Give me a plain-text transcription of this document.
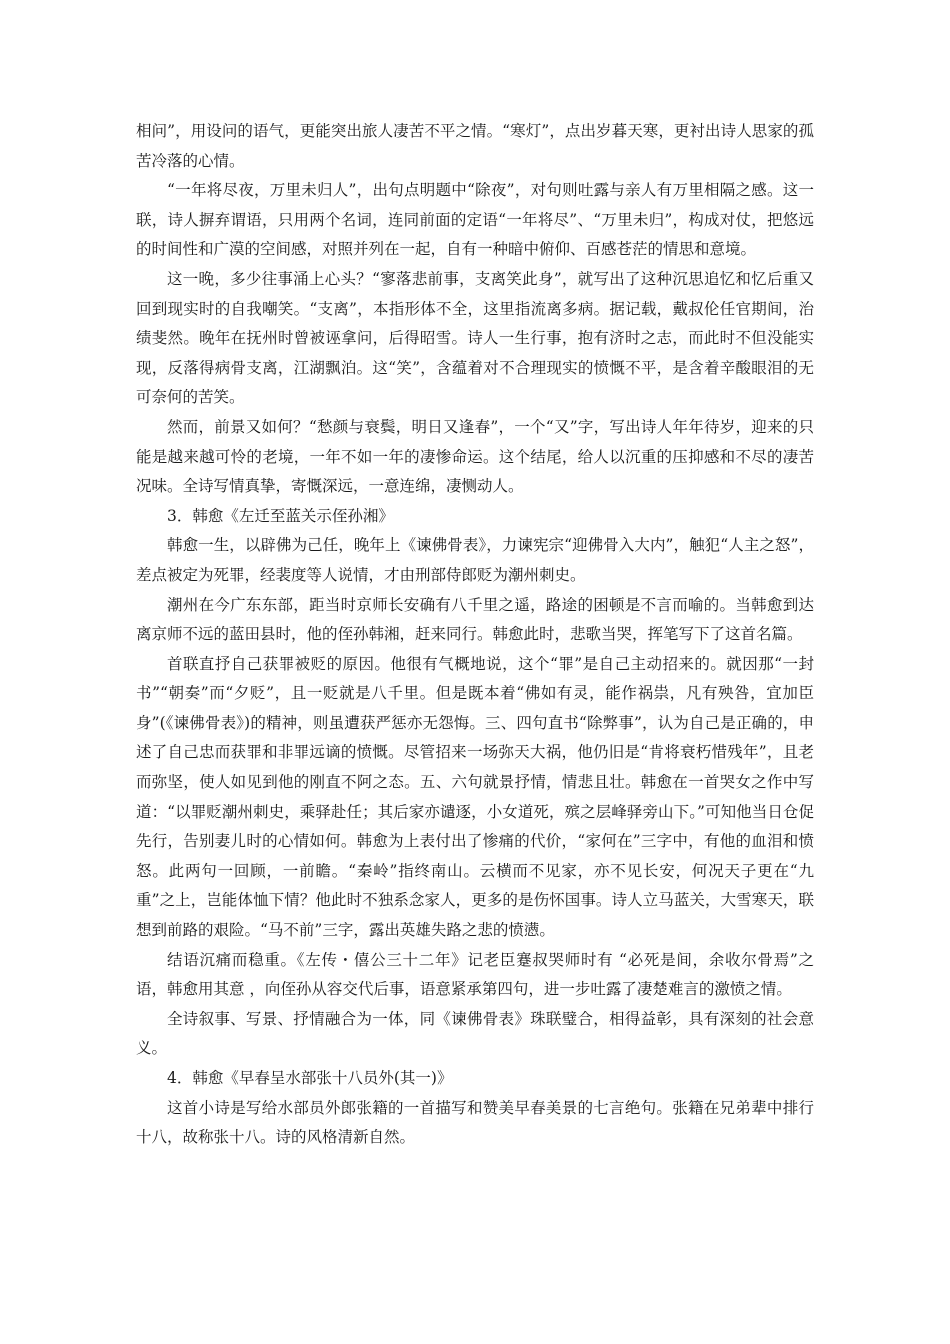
相问”，用设问的语气，更能突出旅人凄苦不平之情。“寒灯”，点出岁暮天寒，更衬出诗人思家的孤苦冷落的心情。

“一年将尽夜，万里未归人”，出句点明题中“除夜”，对句则吐露与亲人有万里相隔之感。这一联，诗人摒弃谓语，只用两个名词，连同前面的定语“一年将尽”、“万里未归”，构成对仗，把悠远的时间性和广漠的空间感，对照并列在一起，自有一种暗中俯仰、百感苍茫的情思和意境。

这一晚，多少往事涌上心头？“寥落悲前事，支离笑此身”，就写出了这种沉思追忆和忆后重又回到现实时的自我嘲笑。“支离”，本指形体不全，这里指流离多病。据记载，戴叔伦任官期间，治绩斐然。晚年在抚州时曾被诬拿问，后得昭雪。诗人一生行事，抱有济时之志，而此时不但没能实现，反落得病骨支离，江湖飘泊。这“笑”，含蕴着对不合理现实的愤慨不平，是含着辛酸眼泪的无可奈何的苦笑。

然而，前景又如何？“愁颜与衰鬓，明日又逢春”，一个“又”字，写出诗人年年待岁，迎来的只能是越来越可怜的老境，一年不如一年的凄惨命运。这个结尾，给人以沉重的压抑感和不尽的凄苦况味。全诗写情真挚，寄慨深远，一意连绵，凄恻动人。

3．韩愈《左迁至蓝关示侄孙湘》

韩愈一生，以辟佛为己任，晚年上《谏佛骨表》，力谏宪宗“迎佛骨入大内”，触犯“人主之怒”，差点被定为死罪，经裴度等人说情，才由刑部侍郎贬为潮州刺史。

潮州在今广东东部，距当时京师长安确有八千里之遥，路途的困顿是不言而喻的。当韩愈到达离京师不远的蓝田县时，他的侄孙韩湘，赶来同行。韩愈此时，悲歌当哭，挥笔写下了这首名篇。

首联直抒自己获罪被贬的原因。他很有气概地说，这个“罪”是自己主动招来的。就因那“一封书”“朝奏”而“夕贬”，且一贬就是八千里。但是既本着“佛如有灵，能作祸祟，凡有殃咎，宜加臣身”(《谏佛骨表》)的精神，则虽遭获严惩亦无怨悔。三、四句直书“除弊事”，认为自己是正确的，申述了自己忠而获罪和非罪远谪的愤慨。尽管招来一场弥天大祸，他仍旧是“肯将衰朽惜残年”，且老而弥坚，使人如见到他的刚直不阿之态。五、六句就景抒情，情悲且壮。韩愈在一首哭女之作中写道：“以罪贬潮州刺史，乘驿赴任；其后家亦谴逐，小女道死，殡之层峰驿旁山下。”可知他当日仓促先行，告别妻儿时的心情如何。韩愈为上表付出了惨痛的代价，“家何在”三字中，有他的血泪和愤怒。此两句一回顾，一前瞻。“秦岭”指终南山。云横而不见家，亦不见长安，何况天子更在“九重”之上，岂能体恤下情？他此时不独系念家人，更多的是伤怀国事。诗人立马蓝关，大雪寒天，联想到前路的艰险。“马不前”三字，露出英雄失路之悲的愤懑。

结语沉痛而稳重。《左传・僖公三十二年》记老臣蹇叔哭师时有 “必死是间，余收尔骨焉”之语，韩愈用其意 ，向侄孙从容交代后事，语意紧承第四句，进一步吐露了凄楚难言的激愤之情。

全诗叙事、写景、抒情融合为一体，同《谏佛骨表》珠联璧合，相得益彰，具有深刻的社会意义。

4．韩愈《早春呈水部张十八员外(其一)》

这首小诗是写给水部员外郎张籍的一首描写和赞美早春美景的七言绝句。张籍在兄弟辈中排行十八，故称张十八。诗的风格清新自然。
